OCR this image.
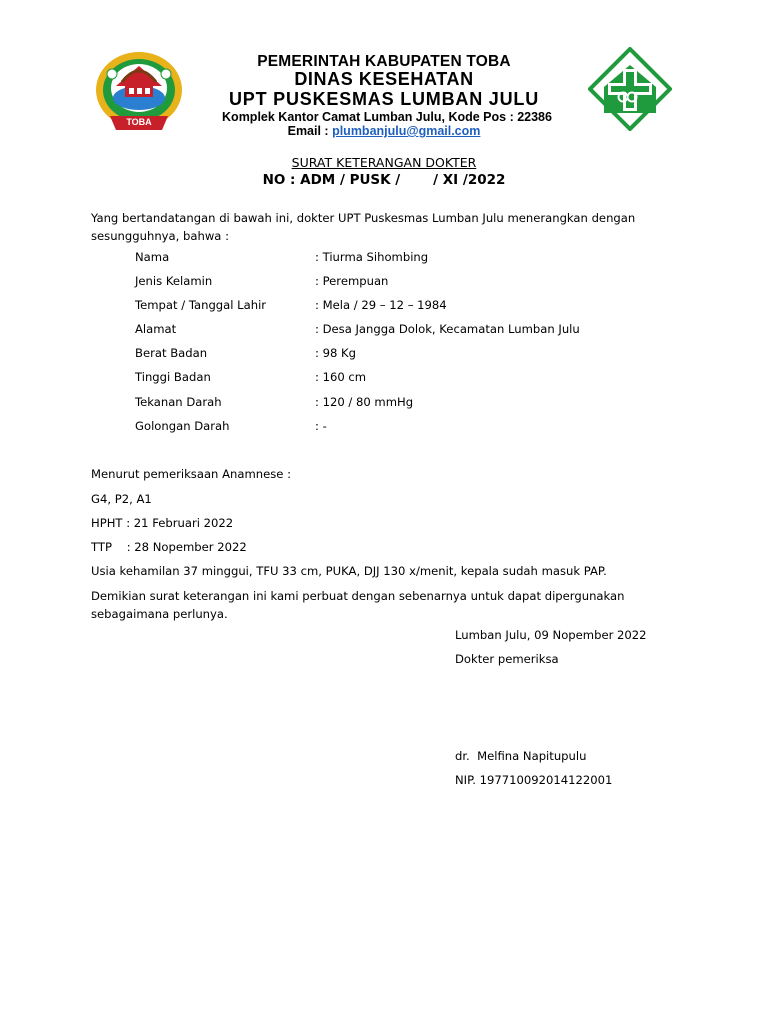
TOBA
PEMERINTAH KABUPATEN TOBA
DINAS KESEHATAN
UPT PUSKESMAS LUMBAN JULU
Komplek Kantor Camat Lumban Julu, Kode Pos : 22386
Email : plumbanjulu@gmail.com
SURAT KETERANGAN DOKTER
NO : ADM / PUSK /       / XI /2022
Yang bertandatangan di bawah ini, dokter UPT Puskesmas Lumban Julu menerangkan dengan sesungguhnya, bahwa :
Nama	: Tiurma Sihombing
Jenis Kelamin	: Perempuan
Tempat / Tanggal Lahir	: Mela / 29 – 12 – 1984
Alamat	: Desa Jangga Dolok, Kecamatan Lumban Julu
Berat Badan	: 98 Kg
Tinggi Badan	: 160 cm
Tekanan Darah	: 120 / 80 mmHg
Golongan Darah	: -
Menurut pemeriksaan Anamnese :
G4, P2, A1
HPHT : 21 Februari 2022
TTP    : 28 Nopember 2022
Usia kehamilan 37 minggui, TFU 33 cm, PUKA, DJJ 130 x/menit, kepala sudah masuk PAP.
Demikian surat keterangan ini kami perbuat dengan sebenarnya untuk dapat dipergunakan sebagaimana perlunya.
Lumban Julu, 09 Nopember 2022
Dokter pemeriksa
dr.  Melfina Napitupulu
NIP. 197710092014122001
